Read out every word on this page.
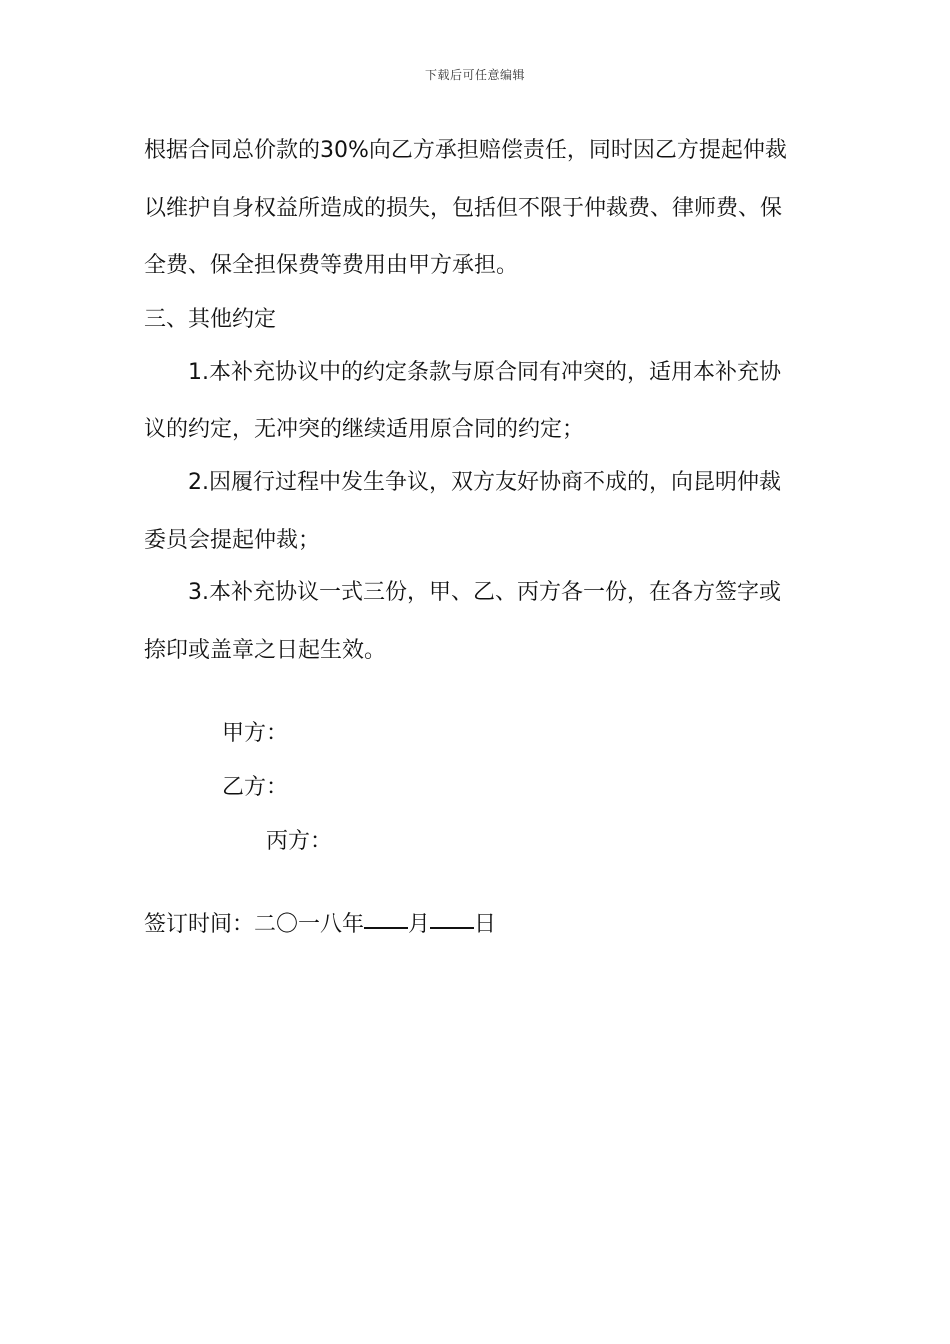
下载后可任意编辑
根据合同总价款的30%向乙方承担赔偿责任，同时因乙方提起仲裁
以维护自身权益所造成的损失，包括但不限于仲裁费、律师费、保
全费、保全担保费等费用由甲方承担。
三、其他约定
1.本补充协议中的约定条款与原合同有冲突的，适用本补充协
议的约定，无冲突的继续适用原合同的约定；
2.因履行过程中发生争议，双方友好协商不成的，向昆明仲裁
委员会提起仲裁；
3.本补充协议一式三份，甲、乙、丙方各一份，在各方签字或
捺印或盖章之日起生效。
甲方：
乙方：
丙方：
签订时间：二〇一八年 月 日
